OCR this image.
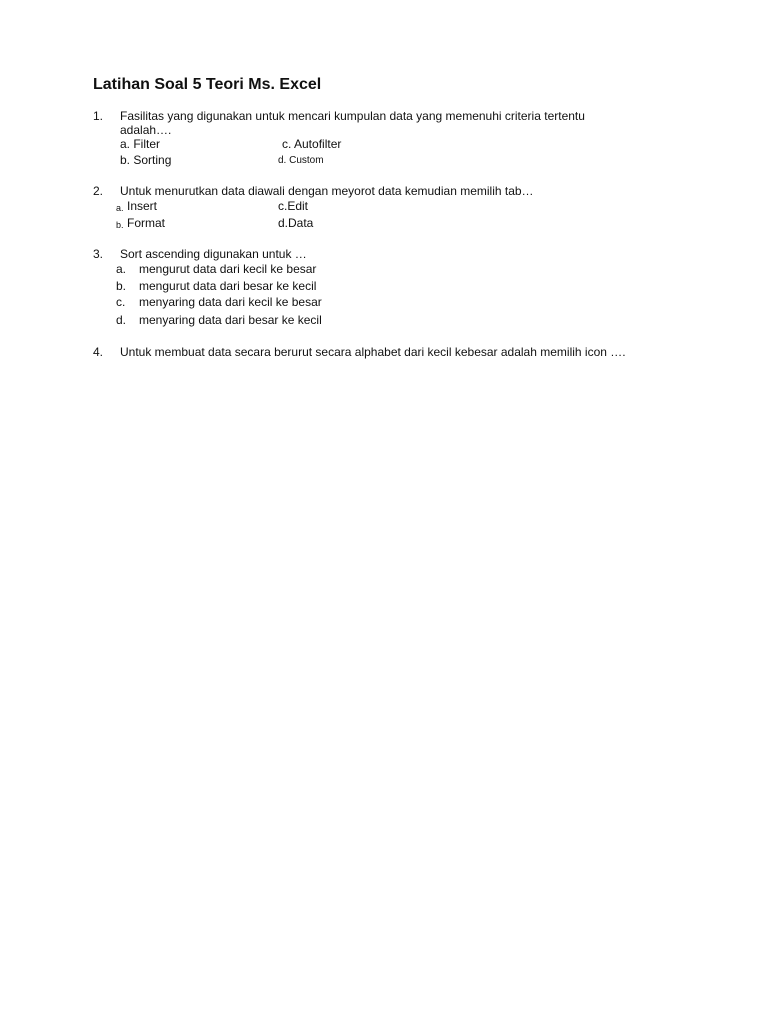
Latihan Soal 5 Teori Ms. Excel
1. Fasilitas yang digunakan untuk mencari kumpulan data yang memenuhi criteria tertentu
adalah….
a. Filter	c. Autofilter
b. Sorting	d. Custom
2. Untuk menurutkan data diawali dengan meyorot data kemudian memilih tab…
a. Insert	c.Edit
b. Format	d.Data
3. Sort ascending digunakan untuk …
a. mengurut data dari kecil ke besar
b. mengurut data dari besar ke kecil
c. menyaring data dari kecil ke besar
d. menyaring data dari besar ke kecil
4. Untuk membuat data secara berurut secara alphabet dari kecil kebesar adalah memilih icon ….
